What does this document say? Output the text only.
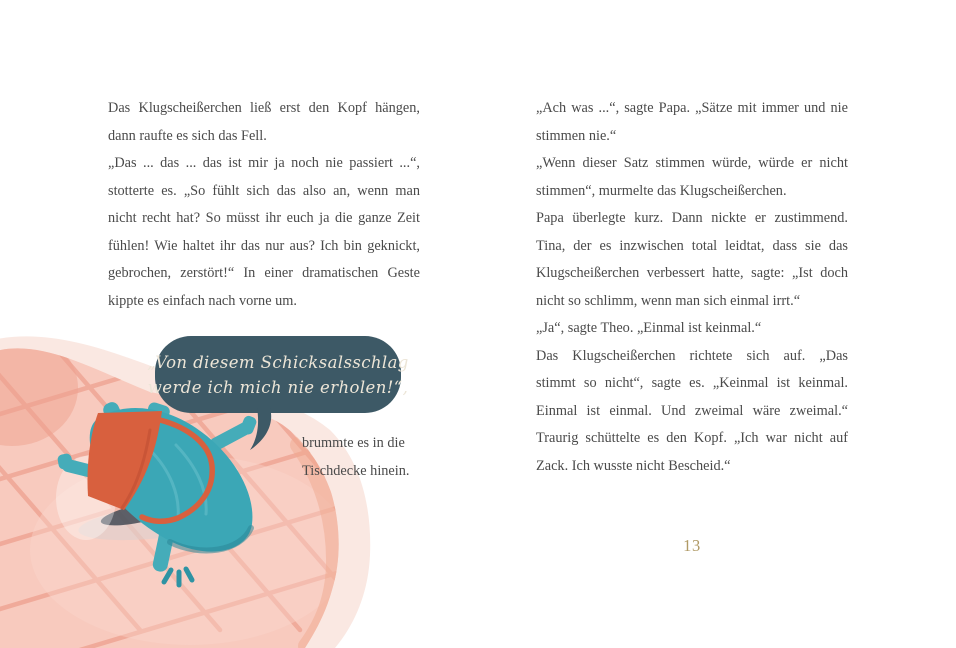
Das Klugscheißerchen ließ erst den Kopf hängen,
dann raufte es sich das Fell.
„Das ... das ... das ist mir ja noch nie passiert ...“,
stotterte es. „So fühlt sich das also an, wenn man
nicht recht hat? So müsst ihr euch ja die ganze Zeit
fühlen! Wie haltet ihr das nur aus? Ich bin geknickt,
gebrochen, zerstört!“ In einer dramatischen Geste
kippte es einfach nach vorne um.
„Ach was ...“, sagte Papa. „Sätze mit immer und nie
stimmen nie.“
„Wenn dieser Satz stimmen würde, würde er nicht
stimmen“, murmelte das Klugscheißerchen.
Papa überlegte kurz. Dann nickte er zustimmend.
Tina, der es inzwischen total leidtat, dass sie das
Klugscheißerchen verbessert hatte, sagte: „Ist doch
nicht so schlimm, wenn man sich einmal irrt.“
„Ja“, sagte Theo. „Einmal ist keinmal.“
Das Klugscheißerchen richtete sich auf. „Das
stimmt so nicht“, sagte es. „Keinmal ist keinmal.
Einmal ist einmal. Und zweimal wäre zweimal.“
Traurig schüttelte es den Kopf. „Ich war nicht auf
Zack. Ich wusste nicht Bescheid.“
„Von diesem Schicksalsschlag
werde ich mich nie erholen!“,
brummte es in die
Tischdecke hinein.
13
